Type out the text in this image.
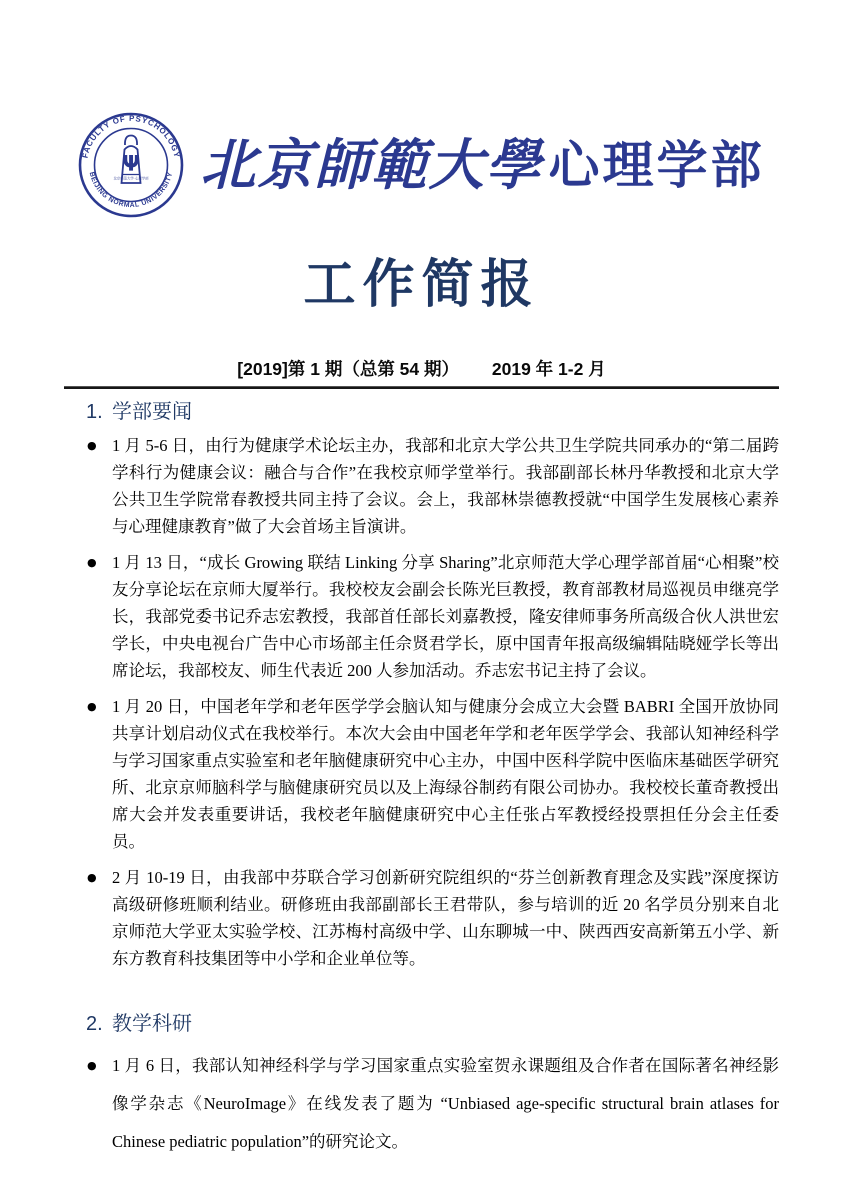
FACULTY OF PSYCHOLOGY
BEIJING NORMAL UNIVERSITY
Ψ
北京师范大学·心理学部 北京師範大學 心理学部
工作简报
[2019]第 1 期（总第 54 期） 2019 年 1-2 月
1. 学部要闻
● 1 月 5-6 日，由行为健康学术论坛主办，我部和北京大学公共卫生学院共同承办的“第二届跨学科行为健康会议：融合与合作”在我校京师学堂举行。我部副部长林丹华教授和北京大学公共卫生学院常春教授共同主持了会议。会上，我部林崇德教授就“中国学生发展核心素养与心理健康教育”做了大会首场主旨演讲。
● 1 月 13 日，“成长 Growing 联结 Linking 分享 Sharing”北京师范大学心理学部首届“心相聚”校友分享论坛在京师大厦举行。我校校友会副会长陈光巨教授，教育部教材局巡视员申继亮学长，我部党委书记乔志宏教授，我部首任部长刘嘉教授，隆安律师事务所高级合伙人洪世宏学长，中央电视台广告中心市场部主任佘贤君学长，原中国青年报高级编辑陆晓娅学长等出席论坛，我部校友、师生代表近 200 人参加活动。乔志宏书记主持了会议。
● 1 月 20 日，中国老年学和老年医学学会脑认知与健康分会成立大会暨 BABRI 全国开放协同共享计划启动仪式在我校举行。本次大会由中国老年学和老年医学学会、我部认知神经科学与学习国家重点实验室和老年脑健康研究中心主办，中国中医科学院中医临床基础医学研究所、北京京师脑科学与脑健康研究员以及上海绿谷制药有限公司协办。我校校长董奇教授出席大会并发表重要讲话，我校老年脑健康研究中心主任张占军教授经投票担任分会主任委员。
● 2 月 10-19 日，由我部中芬联合学习创新研究院组织的“芬兰创新教育理念及实践”深度探访高级研修班顺利结业。研修班由我部副部长王君带队，参与培训的近 20 名学员分别来自北京师范大学亚太实验学校、江苏梅村高级中学、山东聊城一中、陕西西安高新第五小学、新东方教育科技集团等中小学和企业单位等。
2. 教学科研
● 1 月 6 日，我部认知神经科学与学习国家重点实验室贺永课题组及合作者在国际著名神经影像学杂志《NeuroImage》在线发表了题为 “Unbiased age-specific structural brain atlases for Chinese pediatric population”的研究论文。
